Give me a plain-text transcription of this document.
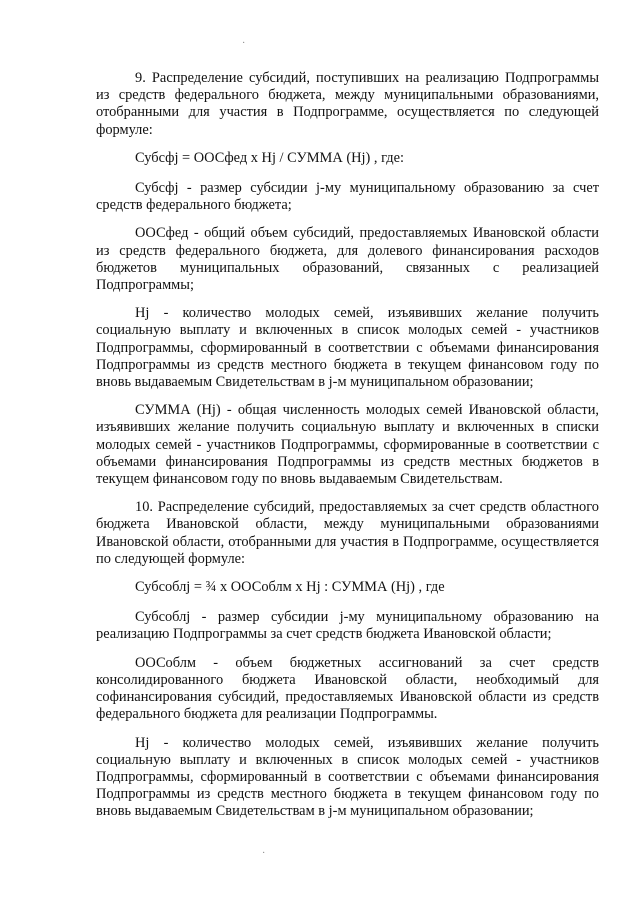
·

9. Распределение субсидий, поступивших на реализацию Подпрограммы из средств федерального бюджета, между муниципальными образованиями, отобранными для участия в Подпрограмме, осуществляется по следующей формуле:

Субсфj = ООСфед x Hj / СУММА (Hj) , где:

Субсфj - размер субсидии j-му муниципальному образованию за счет средств федерального бюджета;

ООСфед - общий объем субсидий, предоставляемых Ивановской области из средств федерального бюджета, для долевого финансирования расходов бюджетов муниципальных образований, связанных с реализацией Подпрограммы;

Hj - количество молодых семей, изъявивших желание получить социальную выплату и включенных в список молодых семей - участников Подпрограммы, сформированный в соответствии с объемами финансирования Подпрограммы из средств местного бюджета в текущем финансовом году по вновь выдаваемым Свидетельствам в j-м муниципальном образовании;

СУММА (Hj) - общая численность молодых семей Ивановской области, изъявивших желание получить социальную выплату и включенных в списки молодых семей - участников Подпрограммы, сформированные в соответствии с объемами финансирования Подпрограммы из средств местных бюджетов в текущем финансовом году по вновь выдаваемым Свидетельствам.

10. Распределение субсидий, предоставляемых за счет средств областного бюджета Ивановской области, между муниципальными образованиями Ивановской области, отобранными для участия в Подпрограмме, осуществляется по следующей формуле:

Субсоблj = ¾ x ООСоблм x Hj : СУММА (Hj) , где

Субсоблj - размер субсидии j-му муниципальному образованию на реализацию Подпрограммы за счет средств бюджета Ивановской области;

ООСоблм - объем бюджетных ассигнований за счет средств консолидированного бюджета Ивановской области, необходимый для софинансирования субсидий, предоставляемых Ивановской области из средств федерального бюджета для реализации Подпрограммы.

Hj - количество молодых семей, изъявивших желание получить социальную выплату и включенных в список молодых семей - участников Подпрограммы, сформированный в соответствии с объемами финансирования Подпрограммы из средств местного бюджета в текущем финансовом году по вновь выдаваемым Свидетельствам в j-м муниципальном образовании;

·
